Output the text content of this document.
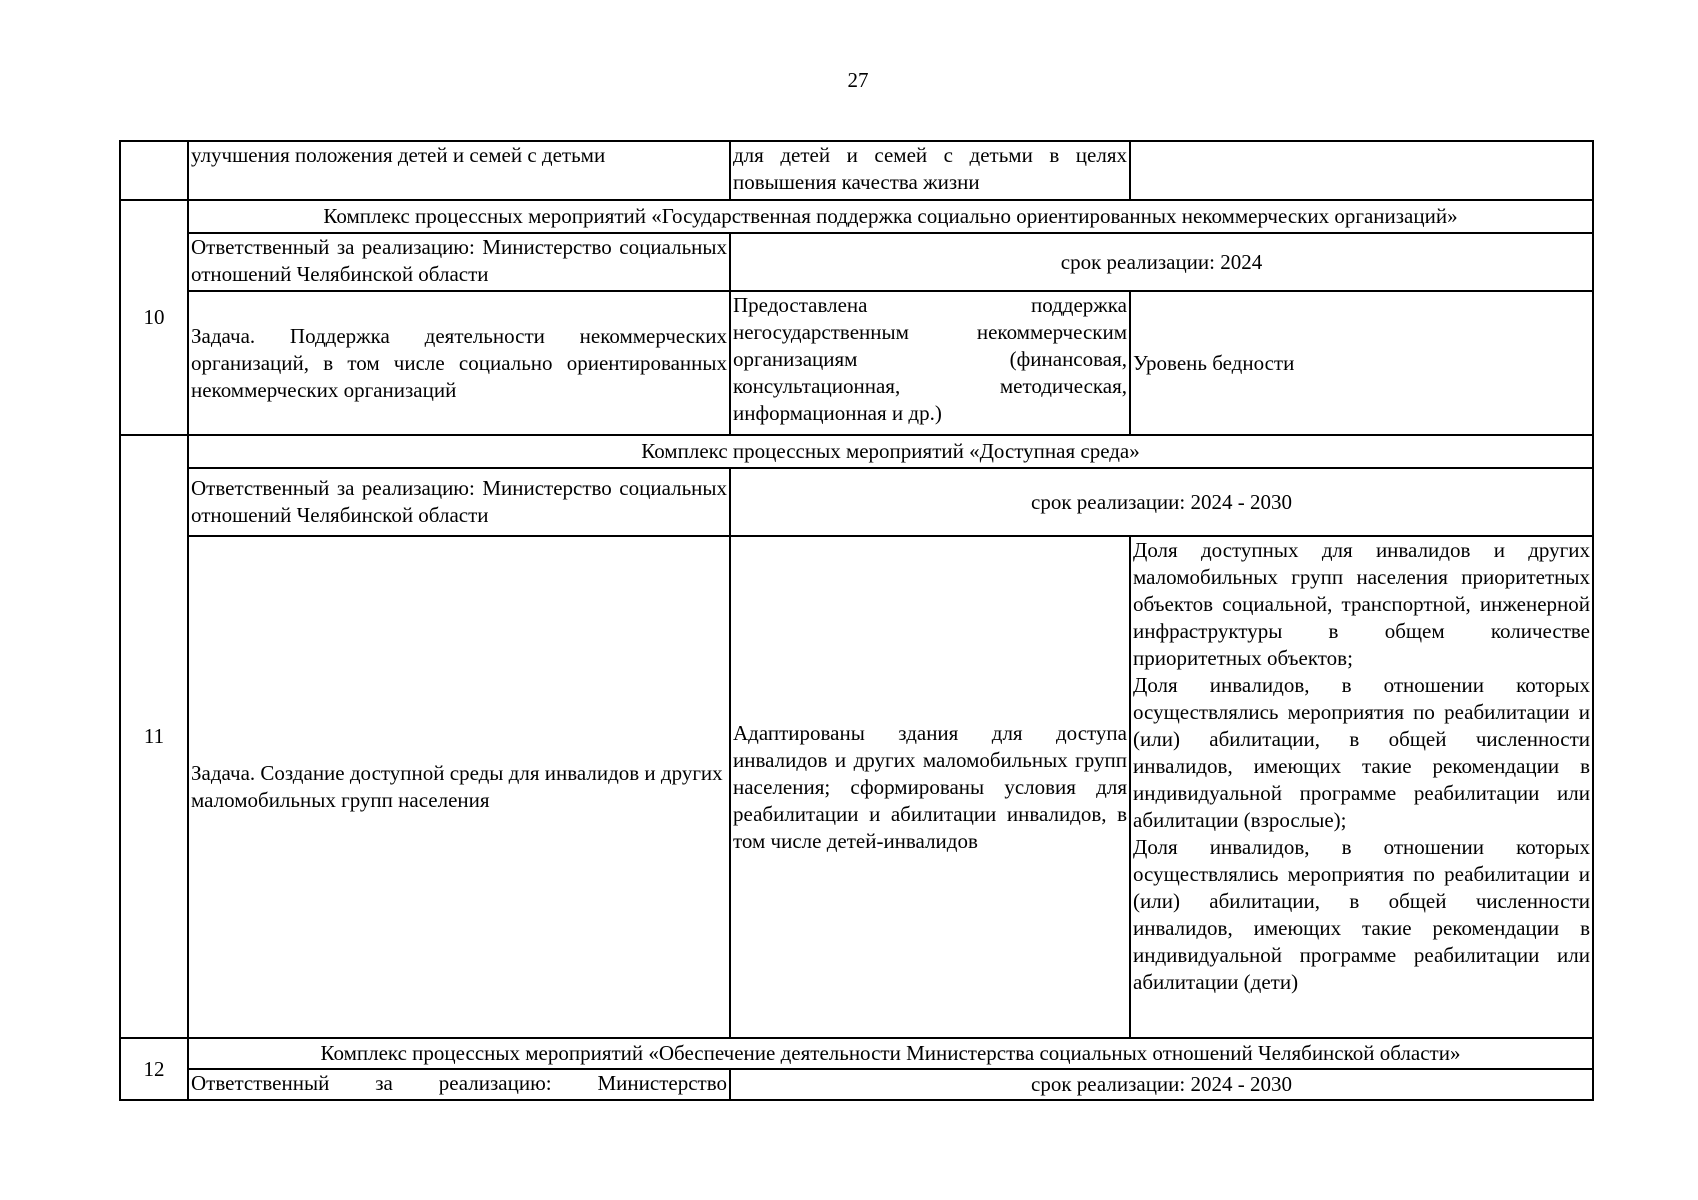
27
	улучшения положения детей и семей с детьми	для детей и семей с детьми в целях повышения качества жизни	
10	Комплекс процессных мероприятий «Государственная поддержка социально ориентированных некоммерческих организаций»		
	Ответственный за реализацию: Министерство социальных отношений Челябинской области	срок реализации: 2024	
	Задача. Поддержка деятельности некоммерческих организаций, в том числе социально ориентированных некоммерческих организаций	Предоставлена поддержка негосударственным некоммерческим организациям (финансовая, консультационная, методическая, информационная и др.)	Уровень бедности
11	Комплекс процессных мероприятий «Доступная среда»		
	Ответственный за реализацию: Министерство социальных отношений Челябинской области	срок реализации: 2024 - 2030	
	Задача. Создание доступной среды для инвалидов и других маломобильных групп населения	Адаптированы здания для доступа инвалидов и других маломобильных групп населения; сформированы условия для реабилитации и абилитации инвалидов, в том числе детей-инвалидов	Доля доступных для инвалидов и других маломобильных групп населения приоритетных объектов социальной, транспортной, инженерной инфраструктуры в общем количестве приоритетных объектов;
Доля инвалидов, в отношении которых осуществлялись мероприятия по реабилитации и (или) абилитации, в общей численности инвалидов, имеющих такие рекомендации в индивидуальной программе реабилитации или абилитации (взрослые);
Доля инвалидов, в отношении которых осуществлялись мероприятия по реабилитации и (или) абилитации, в общей численности инвалидов, имеющих такие рекомендации в индивидуальной программе реабилитации или абилитации (дети)

12	Комплекс процессных мероприятий «Обеспечение деятельности Министерства социальных отношений Челябинской области»		
	Ответственный за реализацию: Министерство	срок реализации: 2024 - 2030	
